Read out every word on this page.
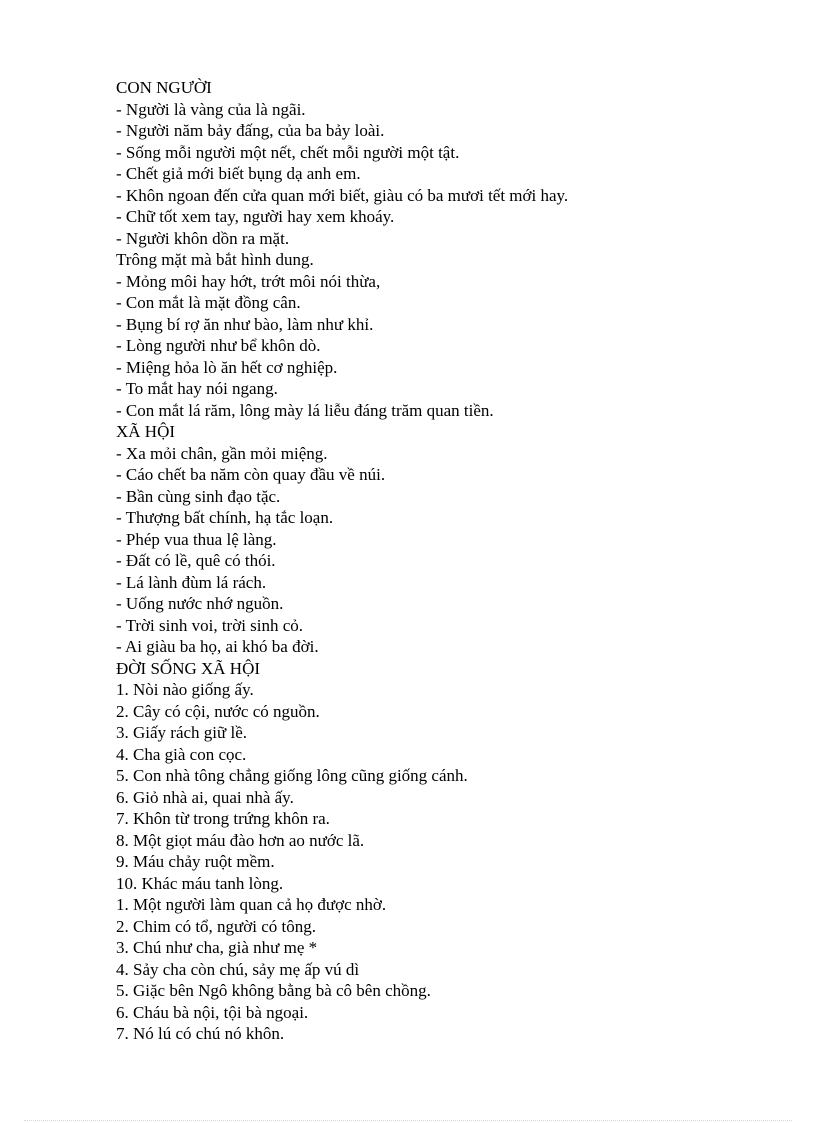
CON NGƯỜI
- Người là vàng của là ngãi.
- Người năm bảy đấng, của ba bảy loài.
- Sống mỗi người một nết, chết mỗi người một tật.
- Chết giả mới biết bụng dạ anh em.
- Khôn ngoan đến cửa quan mới biết, giàu có ba mươi tết mới hay.
- Chữ tốt xem tay, người hay xem khoáy.
- Người khôn dồn ra mặt.
Trông mặt mà bắt hình dung.
- Mỏng môi hay hớt, trớt môi nói thừa,
- Con mắt là mặt đồng cân.
- Bụng bí rợ ăn như bào, làm như khỉ.
- Lòng người như bể khôn dò.
- Miệng hỏa lò ăn hết cơ nghiệp.
- To mắt hay nói ngang.
- Con mắt lá răm, lông mày lá liễu đáng trăm quan tiền.
XÃ HỘI
- Xa mỏi chân, gần mỏi miệng.
- Cáo chết ba năm còn quay đầu về núi.
- Bần cùng sinh đạo tặc.
- Thượng bất chính, hạ tắc loạn.
- Phép vua thua lệ làng.
- Đất có lề, quê có thói.
- Lá lành đùm lá rách.
- Uống nước nhớ nguồn.
- Trời sinh voi, trời sinh cỏ.
- Ai giàu ba họ, ai khó ba đời.
ĐỜI SỐNG XÃ HỘI
1. Nòi nào giống ấy.
2. Cây có cội, nước có nguồn.
3. Giấy rách giữ lề.
4. Cha già con cọc.
5. Con nhà tông chẳng giống lông cũng giống cánh.
6. Giỏ nhà ai, quai nhà ấy.
7. Khôn từ trong trứng khôn ra.
8. Một giọt máu đào hơn ao nước lã.
9. Máu chảy ruột mềm.
10. Khác máu tanh lòng.
1. Một người làm quan cả họ được nhờ.
2. Chim có tổ, người có tông.
3. Chú như cha, già như mẹ *
4. Sảy cha còn chú, sảy mẹ ấp vú dì
5. Giặc bên Ngô không bằng bà cô bên chồng.
6. Cháu bà nội, tội bà ngoại.
7. Nó lú có chú nó khôn.
